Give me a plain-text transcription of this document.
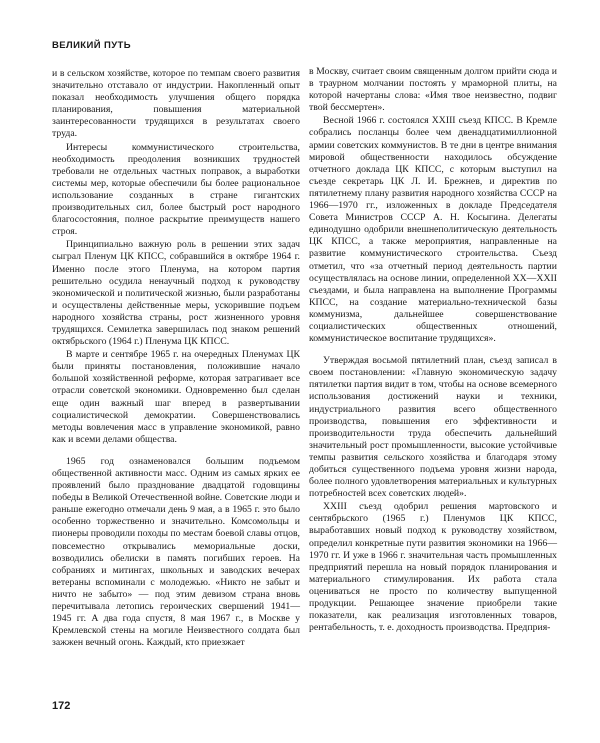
ВЕЛИКИЙ ПУТЬ

и в сельском хозяйстве, которое по темпам своего развития значительно отставало от индустрии. Накопленный опыт показал необходимость улучшения общего порядка планирования, повышения материальной заинтересованности трудящихся в результатах своего труда.

Интересы коммунистического строительства, необходимость преодоления возникших трудностей требовали не отдельных частных поправок, а выработки системы мер, которые обеспечили бы более рациональное использование созданных в стране гигантских производительных сил, более быстрый рост народного благосостояния, полное раскрытие преимуществ нашего строя.

Принципиально важную роль в решении этих задач сыграл Пленум ЦК КПСС, собравшийся в октябре 1964 г. Именно после этого Пленума, на котором партия решительно осудила ненаучный подход к руководству экономической и политической жизнью, были разработаны и осуществлены действенные меры, ускорившие подъем народного хозяйства страны, рост жизненного уровня трудящихся. Семилетка завершилась под знаком решений октябрьского (1964 г.) Пленума ЦК КПСС.

В марте и сентябре 1965 г. на очередных Пленумах ЦК были приняты постановления, положившие начало большой хозяйственной реформе, которая затрагивает все отрасли советской экономики. Одновременно был сделан еще один важный шаг вперед в развертывании социалистической демократии. Совершенствовались методы вовлечения масс в управление экономикой, равно как и всеми делами общества.

1965 год ознаменовался большим подъемом общественной активности масс. Одним из самых ярких ее проявлений было празднование двадцатой годовщины победы в Великой Отечественной войне. Советские люди и раньше ежегодно отмечали день 9 мая, а в 1965 г. это было особенно торжественно и значительно. Комсомольцы и пионеры проводили походы по местам боевой славы отцов, повсеместно открывались мемориальные доски, возводились обелиски в память погибших героев. На собраниях и митингах, школьных и заводских вечерах ветераны вспоминали с молодежью. «Никто не забыт и ничто не забыто» — под этим девизом страна вновь перечитывала летопись героических свершений 1941—1945 гг. А два года спустя, 8 мая 1967 г., в Москве у Кремлевской стены на могиле Неизвестного солдата был зажжен вечный огонь. Каждый, кто приезжает

в Москву, считает своим священным долгом прийти сюда и в траурном молчании постоять у мраморной плиты, на которой начертаны слова: «Имя твое неизвестно, подвиг твой бессмертен».

Весной 1966 г. состоялся XXIII съезд КПСС. В Кремле собрались посланцы более чем двенадцатимиллионной армии советских коммунистов. В те дни в центре внимания мировой общественности находилось обсуждение отчетного доклада ЦК КПСС, с которым выступил на съезде секретарь ЦК Л. И. Брежнев, и директив по пятилетнему плану развития народного хозяйства СССР на 1966—1970 гг., изложенных в докладе Председателя Совета Министров СССР А. Н. Косыгина. Делегаты единодушно одобрили внешнеполитическую деятельность ЦК КПСС, а также мероприятия, направленные на развитие коммунистического строительства. Съезд отметил, что «за отчетный период деятельность партии осуществлялась на основе линии, определенной XX—XXII съездами, и была направлена на выполнение Программы КПСС, на создание материально-технической базы коммунизма, дальнейшее совершенствование социалистических общественных отношений, коммунистическое воспитание трудящихся».

Утверждая восьмой пятилетний план, съезд записал в своем постановлении: «Главную экономическую задачу пятилетки партия видит в том, чтобы на основе всемерного использования достижений науки и техники, индустриального развития всего общественного производства, повышения его эффективности и производительности труда обеспечить дальнейший значительный рост промышленности, высокие устойчивые темпы развития сельского хозяйства и благодаря этому добиться существенного подъема уровня жизни народа, более полного удовлетворения материальных и культурных потребностей всех советских людей».

XXIII съезд одобрил решения мартовского и сентябрьского (1965 г.) Пленумов ЦК КПСС, выработавших новый подход к руководству хозяйством, определил конкретные пути развития экономики на 1966—1970 гг. И уже в 1966 г. значительная часть промышленных предприятий перешла на новый порядок планирования и материального стимулирования. Их работа стала оцениваться не просто по количеству выпущенной продукции. Решающее значение приобрели такие показатели, как реализация изготовленных товаров, рентабельность, т. е. доходность производства. Предприя-

172
